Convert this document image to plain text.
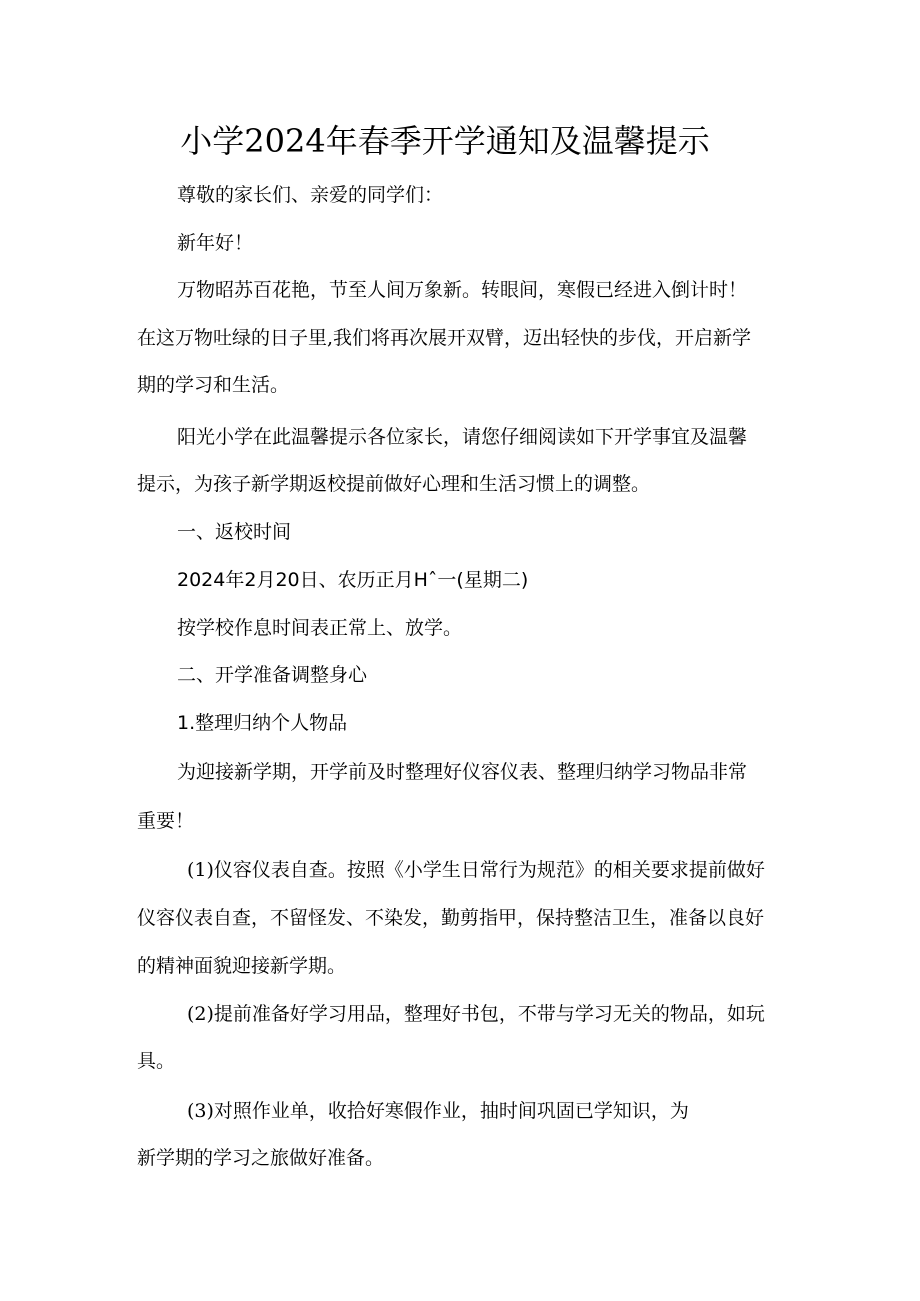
小学2024年春季开学通知及温馨提示
尊敬的家长们、亲爱的同学们：
新年好！
万物昭苏百花艳，节至人间万象新。转眼间，寒假已经进入倒计时！
在这万物吐绿的日子里,我们将再次展开双臂，迈出轻快的步伐，开启新学
期的学习和生活。
阳光小学在此温馨提示各位家长，请您仔细阅读如下开学事宜及温馨
提示，为孩子新学期返校提前做好心理和生活习惯上的调整。
一、返校时间
2024年2月20日、农历正月Hˆ一(星期二)
按学校作息时间表正常上、放学。
二、开学准备调整身心
1.整理归纳个人物品
为迎接新学期，开学前及时整理好仪容仪表、整理归纳学习物品非常
重要！
(1)仪容仪表自查。按照《小学生日常行为规范》的相关要求提前做好
仪容仪表自查，不留怪发、不染发，勤剪指甲，保持整洁卫生，准备以良好
的精神面貌迎接新学期。
(2)提前准备好学习用品，整理好书包，不带与学习无关的物品，如玩
具。
(3)对照作业单，收拾好寒假作业，抽时间巩固已学知识，为
新学期的学习之旅做好准备。
